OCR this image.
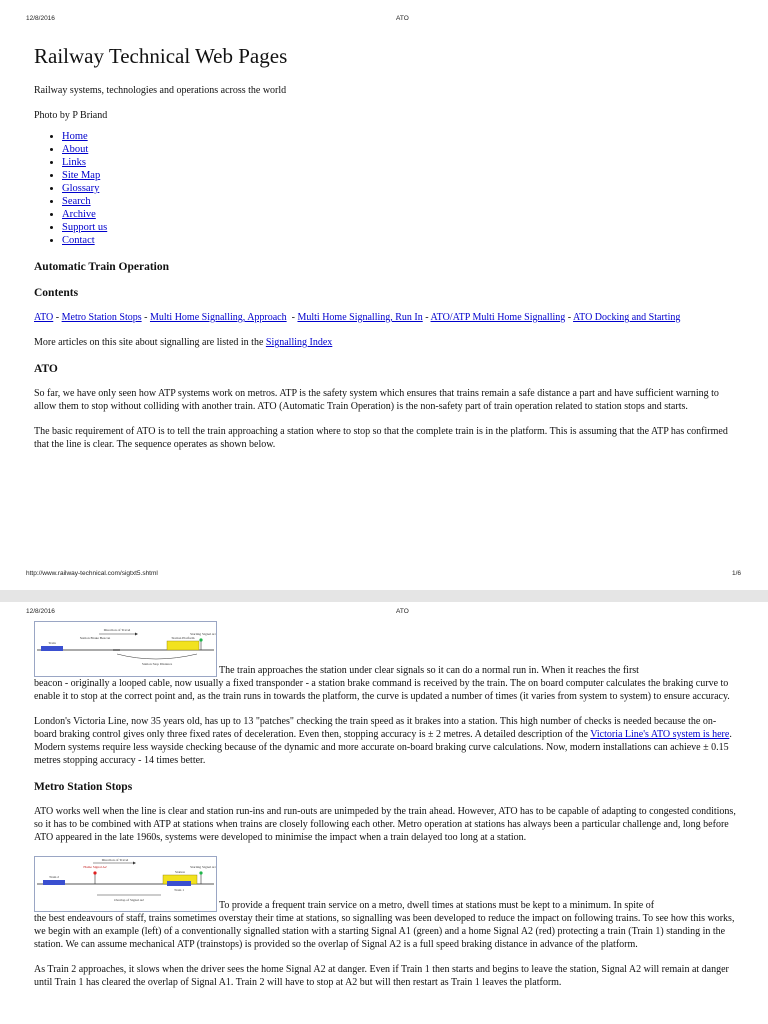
12/8/2016	ATO
Railway Technical Web Pages

Railway systems, technologies and operations across the world

Photo by P Briand

• Home
• About
• Links
• Site Map
• Glossary
• Search
• Archive
• Support us
• Contact
Automatic Train Operation
Contents

ATO - Metro Station Stops - Multi Home Signalling, Approach  - Multi Home Signalling, Run In - ATO/ATP Multi Home Signalling - ATO Docking and Starting

More articles on this site about signalling are listed in the Signalling Index

ATO

So far, we have only seen how ATP systems work on metros. ATP is the safety system which ensures that trains remain a safe distance a part and have sufficient warning to allow them to stop without colliding with another train. ATO (Automatic Train Operation) is the non-safety part of train operation related to station stops and starts.

The basic requirement of ATO is to tell the train approaching a station where to stop so that the complete train is in the platform. This is assuming that the ATP has confirmed that the line is clear. The sequence operates as shown below.

http://www.railway-technical.com/sigtxt5.shtml	1/6
12/8/2016	ATO

Train
Direction of Travel
Station Brake Beacon	Station Platform
Starting Signal A1
Station Stop Distance
The train approaches the station under clear signals so it can do a normal run in. When it reaches the first

beacon - originally a looped cable, now usually a fixed transponder - a station brake command is received by the train. The on board computer calculates the braking curve to enable it to stop at the correct point and, as the train runs in towards the platform, the curve is updated a number of times (it varies from system to system) to ensure accuracy.

London's Victoria Line, now 35 years old, has up to 13 "patches" checking the train speed as it brakes into a station. This high number of checks is needed because the on-board braking control gives only three fixed rates of deceleration. Even then, stopping accuracy is ± 2 metres. A detailed description of the Victoria Line's ATO system is here. Modern systems require less wayside checking because of the dynamic and more accurate on-board braking curve calculations. Now, modern installations can achieve ± 0.15 metres stopping accuracy - 14 times better.

Metro Station Stops

ATO works well when the line is clear and station run-ins and run-outs are unimpeded by the train ahead. However, ATO has to be capable of adapting to congested conditions, so it has to be combined with ATP at stations when trains are closely following each other. Metro operation at stations has always been a particular challenge and, long before ATO appeared in the late 1960s, systems were developed to minimise the impact when a train delayed too long at a station.

Direction of Travel
Train 2
Home Signal A2
Station
Train 1
Starting Signal A1
Overlap of Signal A2	To provide a frequent train service on a metro, dwell times at stations must be kept to a minimum. In spite of

the best endeavours of staff, trains sometimes overstay their time at stations, so signalling was been developed to reduce the impact on following trains. To see how this works, we begin with an example (left) of a conventionally signalled station with a starting Signal A1 (green) and a home Signal A2 (red) protecting a train (Train 1) standing in the station. We can assume mechanical ATP (trainstops) is provided so the overlap of Signal A2 is a full speed braking distance in advance of the platform.

As Train 2 approaches, it slows when the driver sees the home Signal A2 at danger. Even if Train 1 then starts and begins to leave the station, Signal A2 will remain at danger until Train 1 has cleared the overlap of Signal A1. Train 2 will have to stop at A2 but will then restart as Train 1 leaves the platform.
